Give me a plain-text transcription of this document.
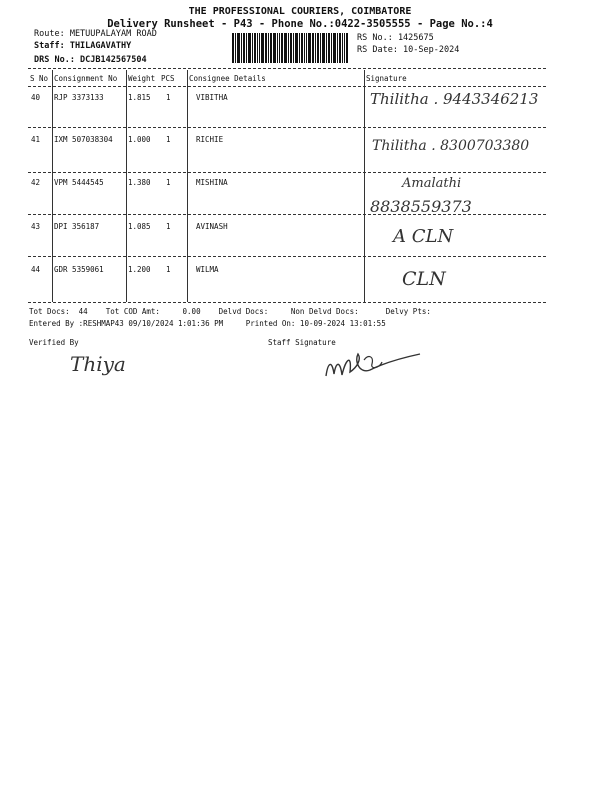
THE PROFESSIONAL COURIERS, COIMBATORE
Delivery Runsheet - P43 - Phone No.:0422-3505555 - Page No.:4
Route: METUUPALAYAM ROAD
Staff: THILAGAVATHY
DRS No.: DCJB142567504
RS No.: 1425675
RS Date: 10-Sep-2024
S No Consignment No Weight PCS Consignee Details	Signature
40 RJP 3373133	1.815 1	VIBITHA	Thilitha . 9443346213
41 IXM 507038304 1.000 1	RICHIE	Thilitha . 8300703380
42 VPM 5444545	1.380 1	MISHINA	Amalathi
8838559373
43 DPI 356187	1.085 1	AVINASH	A CLN
44 GDR 5359061	1.200 1	WILMA	CLN
Tot Docs:  44    Tot COD Amt:     0.00    Delvd Docs:     Non Delvd Docs:      Delvy Pts:
Entered By :RESHMAP43 09/10/2024 1:01:36 PM     Printed On: 10-09-2024 13:01:55
Verified By	Staff Signature
Thiya
